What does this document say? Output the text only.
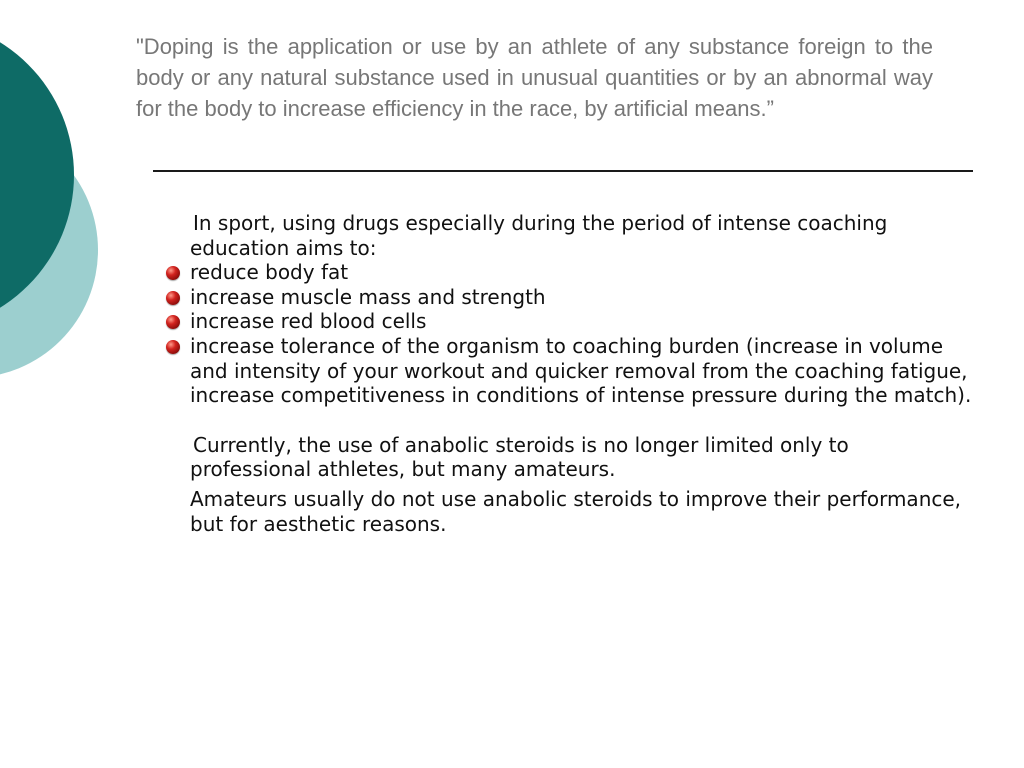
"Doping is the application or use by an athlete of any substance foreign to the body or any natural substance used in unusual quantities or by an abnormal way for the body to increase efficiency in the race, by artificial means.”

In sport, using drugs especially during the period of intense coaching education aims to:

reduce body fat
increase muscle mass and strength
increase red blood cells
increase tolerance of the organism to coaching burden (increase in volume and intensity of your workout and quicker removal from the coaching fatigue, increase competitiveness in conditions of intense pressure during the match).

Currently, the use of anabolic steroids is no longer limited only to professional athletes, but many amateurs.

Amateurs usually do not use anabolic steroids to improve their performance, but for aesthetic reasons.
